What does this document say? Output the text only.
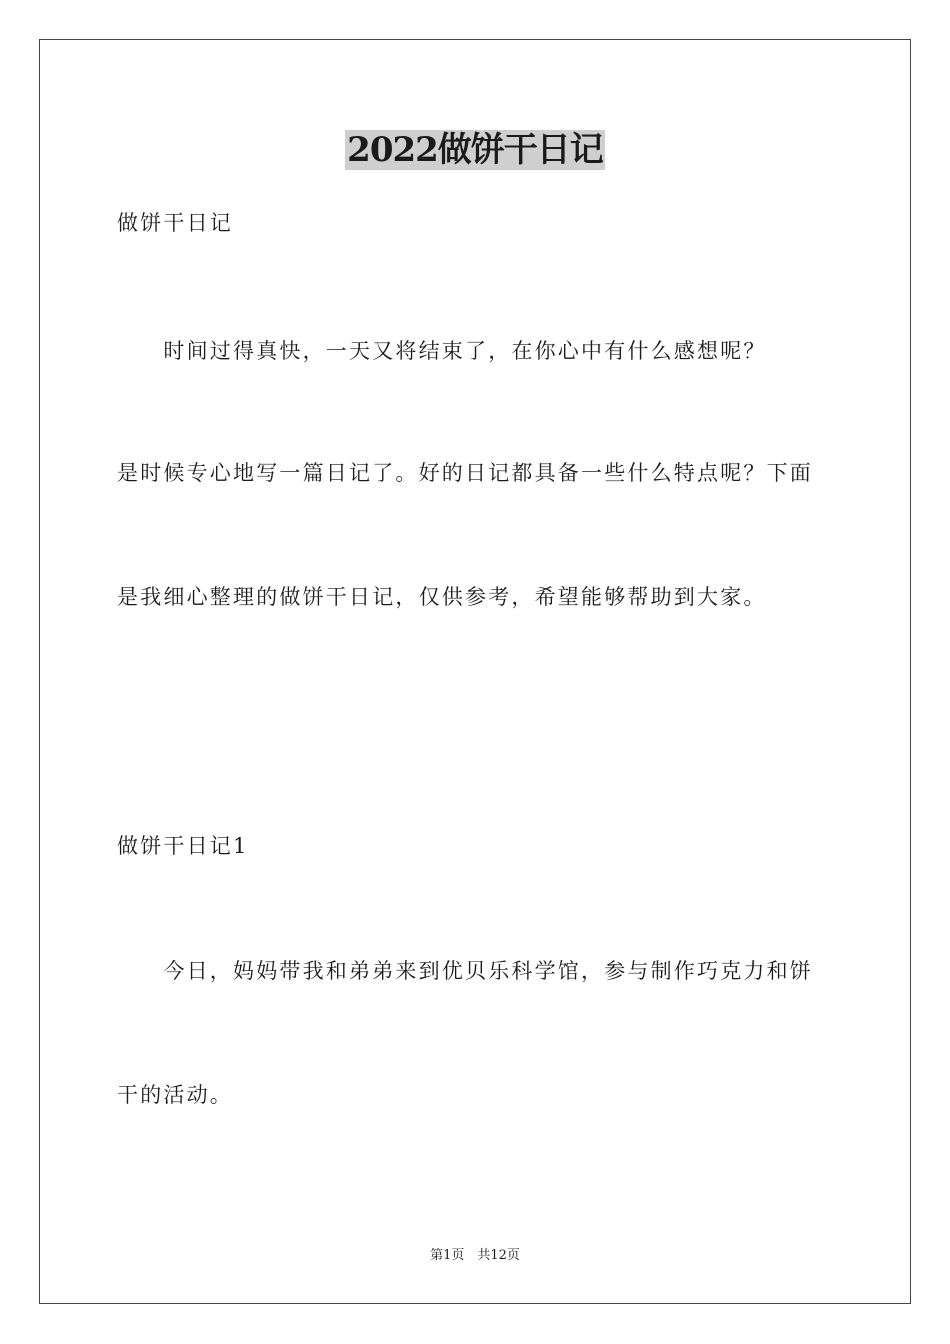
2022做饼干日记
做饼干日记
　　时间过得真快，一天又将结束了，在你心中有什么感想呢？
是时候专心地写一篇日记了。好的日记都具备一些什么特点呢？下面
是我细心整理的做饼干日记，仅供参考，希望能够帮助到大家。
做饼干日记1
　　今日，妈妈带我和弟弟来到优贝乐科学馆，参与制作巧克力和饼
干的活动。
第1页　共12页
